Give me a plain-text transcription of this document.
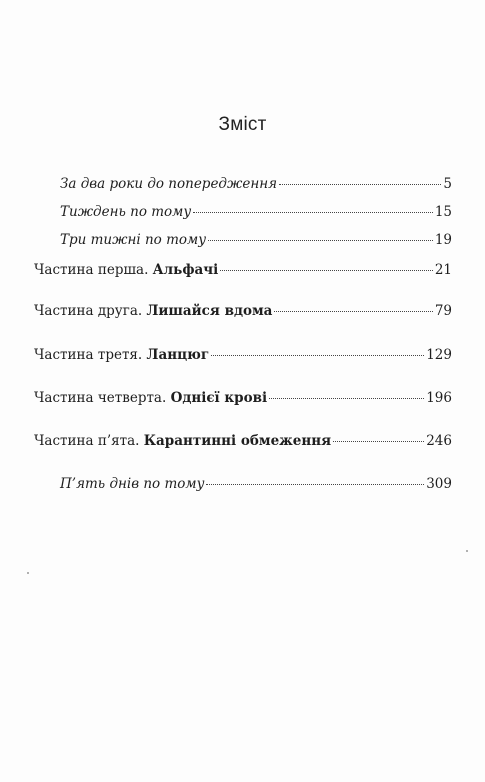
Зміст
За два роки до попередження	5
Тиждень по тому	15
Три тижні по тому	19
Частина перша. Альфачі	21
Частина друга. Лишайся вдома	79
Частина третя. Ланцюг	129
Частина четверта. Однієї крові	196
Частина п’ята. Карантинні обмеження	246
П’ять днів по тому	309
